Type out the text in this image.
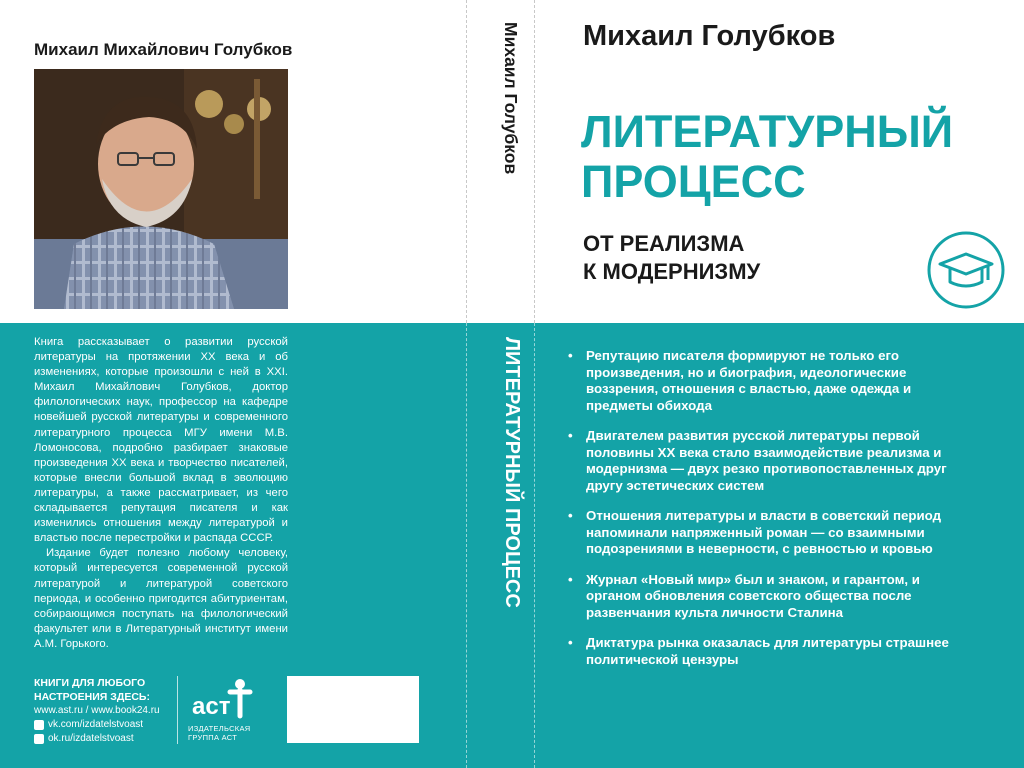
Михаил Михайлович Голубков

Книга рассказывает о развитии русской литературы на протяжении XX века и об изменениях, которые произошли с ней в XXI. Михаил Михайлович Голубков, доктор филологических наук, профессор на кафедре новейшей русской литературы и современного литературного процесса МГУ имени М.В. Ломоносова, подробно разбирает знаковые произведения XX века и творчество писателей, которые внесли большой вклад в эволюцию литературы, а также рассматривает, из чего складывается репутация писателя и как изменились отношения между литературой и властью после перестройки и распада СССР.

Издание будет полезно любому человеку, который интересуется современной русской литературой и литературой советского периода, и особенно пригодится абитуриентам, собирающимся поступать на филологический факультет или в Литературный институт имени А.М. Горького.

КНИГИ ДЛЯ ЛЮБОГО
НАСТРОЕНИЯ ЗДЕСЬ:
www.ast.ru / www.book24.ru
vk.com/izdatelstvoast
ok.ru/izdatelstvoast
аст
ИЗДАТЕЛЬСКАЯ
ГРУППА АСТ
Михаил Голубков
ЛИТЕРАТУРНЫЙ ПРОЦЕСС
Михаил Голубков
ЛИТЕРАТУРНЫЙ
ПРОЦЕСС
ОТ РЕАЛИЗМА
К МОДЕРНИЗМУ
• Репутацию писателя формируют не только его произведения, но и биография, идеологические воззрения, отношения с властью, даже одежда и предметы обихода
• Двигателем развития русской литературы первой половины XX века стало взаимодействие реализма и модернизма — двух резко противопоставленных друг другу эстетических систем
• Отношения литературы и власти в советский период напоминали напряженный роман — со взаимными подозрениями в неверности, с ревностью и кровью
• Журнал «Новый мир» был и знаком, и гарантом, и органом обновления советского общества после развенчания культа личности Сталина
• Диктатура рынка оказалась для литературы страшнее политической цензуры
